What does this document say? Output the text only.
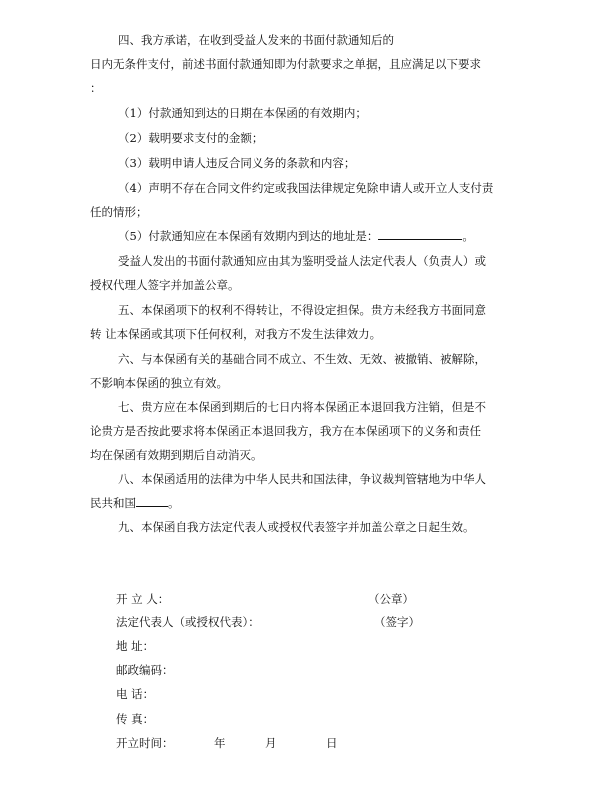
四、我方承诺，在收到受益人发来的书面付款通知后的
日内无条件支付，前述书面付款通知即为付款要求之单据，且应满足以下要求
：
（1）付款通知到达的日期在本保函的有效期内；
（2）载明要求支付的金额；
（3）载明申请人违反合同义务的条款和内容；
（4）声明不存在合同文件约定或我国法律规定免除申请人或开立人支付责
任的情形；
（5）付款通知应在本保函有效期内到达的地址是：	。
受益人发出的书面付款通知应由其为鉴明受益人法定代表人（负责人）或
授权代理人签字并加盖公章。
五、本保函项下的权利不得转让，不得设定担保。贵方未经我方书面同意
转 让本保函或其项下任何权利，对我方不发生法律效力。
六、与本保函有关的基础合同不成立、不生效、无效、被撤销、被解除，
不影响本保函的独立有效。
七、贵方应在本保函到期后的七日内将本保函正本退回我方注销，但是不
论贵方是否按此要求将本保函正本退回我方，我方在本保函项下的义务和责任
均在保函有效期到期后自动消灭。
八、本保函适用的法律为中华人民共和国法律，争议裁判管辖地为中华人
民共和国	。
九、本保函自我方法定代表人或授权代表签字并加盖公章之日起生效。
开 立 人：	（公章）
法定代表人（或授权代表）：	（签字）
地 址：
邮政编码：
电 话：
传 真：
开立时间：	年	月	日
